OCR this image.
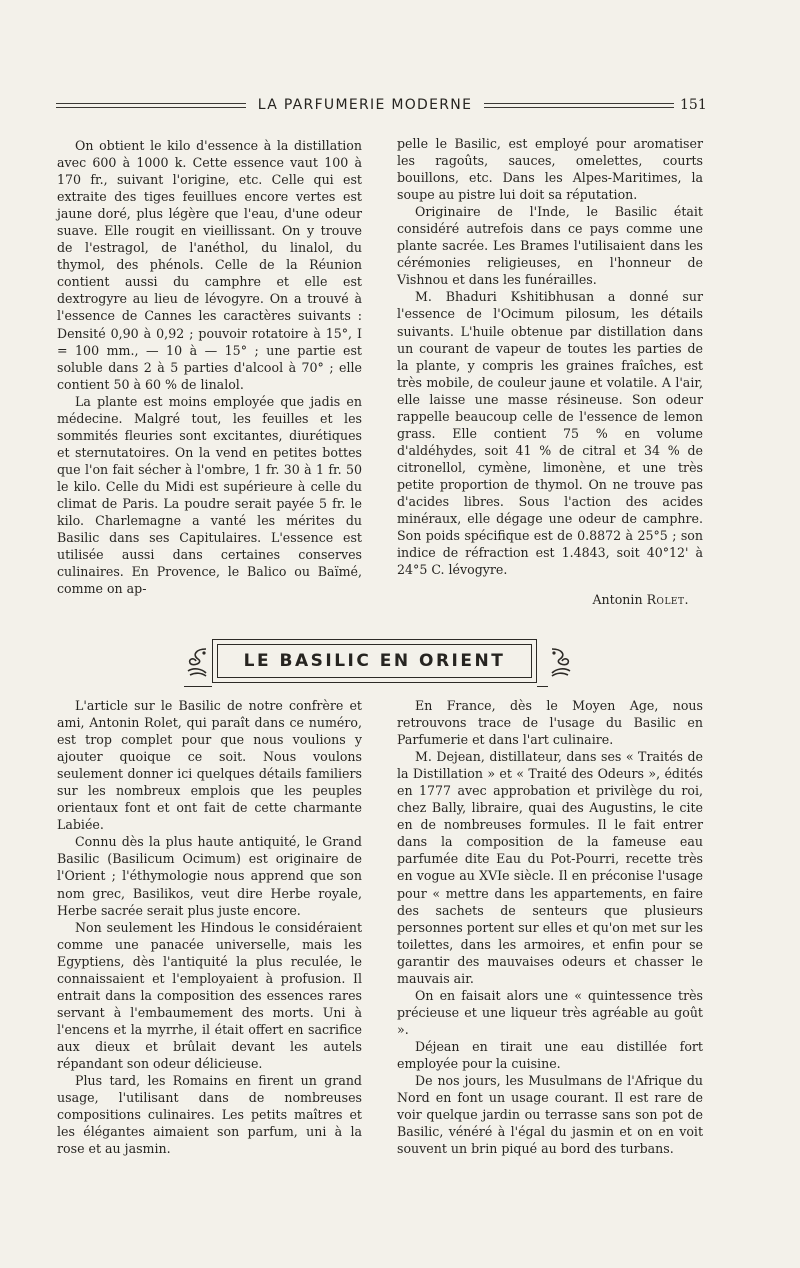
LA PARFUMERIE MODERNE	151

On obtient le kilo d'essence à la distillation avec 600 à 1000 k. Cette essence vaut 100 à 170 fr., suivant l'origine, etc. Celle qui est extraite des tiges feuillues encore vertes est jaune doré, plus légère que l'eau, d'une odeur suave. Elle rougit en vieillissant. On y trouve de l'estragol, de l'anéthol, du linalol, du thymol, des phénols. Celle de la Réunion contient aussi du camphre et elle est dextrogyre au lieu de lévogyre. On a trouvé à l'essence de Cannes les caractères suivants : Densité 0,90 à 0,92 ; pouvoir rotatoire à 15°, I = 100 mm., — 10 à — 15° ; une partie est soluble dans 2 à 5 parties d'alcool à 70° ; elle contient 50 à 60 % de linalol.

La plante est moins employée que jadis en médecine. Malgré tout, les feuilles et les sommités fleuries sont excitantes, diurétiques et sternutatoires. On la vend en petites bottes que l'on fait sécher à l'ombre, 1 fr. 30 à 1 fr. 50 le kilo. Celle du Midi est supérieure à celle du climat de Paris. La poudre serait payée 5 fr. le kilo. Charlemagne a vanté les mérites du Basilic dans ses Capitulaires. L'essence est utilisée aussi dans certaines conserves culinaires. En Provence, le Balico ou Baïmé, comme on ap-

pelle le Basilic, est employé pour aromatiser les ragoûts, sauces, omelettes, courts bouillons, etc. Dans les Alpes-Maritimes, la soupe au pistre lui doit sa réputation.

Originaire de l'Inde, le Basilic était considéré autrefois dans ce pays comme une plante sacrée. Les Brames l'utilisaient dans les cérémonies religieuses, en l'honneur de Vishnou et dans les funérailles.

M. Bhaduri Kshitibhusan a donné sur l'essence de l'Ocimum pilosum, les détails suivants. L'huile obtenue par distillation dans un courant de vapeur de toutes les parties de la plante, y compris les graines fraîches, est très mobile, de couleur jaune et volatile. A l'air, elle laisse une masse résineuse. Son odeur rappelle beaucoup celle de l'essence de lemon grass. Elle contient 75 % en volume d'aldéhydes, soit 41 % de citral et 34 % de citronellol, cymène, limonène, et une très petite proportion de thymol. On ne trouve pas d'acides libres. Sous l'action des acides minéraux, elle dégage une odeur de camphre. Son poids spécifique est de 0.8872 à 25°5 ; son indice de réfraction est 1.4843, soit 40°12' à 24°5 C. lévogyre.

Antonin Rolet.

LE BASILIC EN ORIENT

L'article sur le Basilic de notre confrère et ami, Antonin Rolet, qui paraît dans ce numéro, est trop complet pour que nous voulions y ajouter quoique ce soit. Nous voulons seulement donner ici quelques détails familiers sur les nombreux emplois que les peuples orientaux font et ont fait de cette charmante Labiée.

Connu dès la plus haute antiquité, le Grand Basilic (Basilicum Ocimum) est originaire de l'Orient ; l'éthymologie nous apprend que son nom grec, Basilikos, veut dire Herbe royale, Herbe sacrée serait plus juste encore.

Non seulement les Hindous le considéraient comme une panacée universelle, mais les Egyptiens, dès l'antiquité la plus reculée, le connaissaient et l'employaient à profusion. Il entrait dans la composition des essences rares servant à l'embaumement des morts. Uni à l'encens et la myrrhe, il était offert en sacrifice aux dieux et brûlait devant les autels répandant son odeur délicieuse.

Plus tard, les Romains en firent un grand usage, l'utilisant dans de nombreuses compositions culinaires. Les petits maîtres et les élégantes aimaient son parfum, uni à la rose et au jasmin.

En France, dès le Moyen Age, nous retrouvons trace de l'usage du Basilic en Parfumerie et dans l'art culinaire.

M. Dejean, distillateur, dans ses « Traités de la Distillation » et « Traité des Odeurs », édités en 1777 avec approbation et privilège du roi, chez Bally, libraire, quai des Augustins, le cite en de nombreuses formules. Il le fait entrer dans la composition de la fameuse eau parfumée dite Eau du Pot-Pourri, recette très en vogue au XVIe siècle. Il en préconise l'usage pour « mettre dans les appartements, en faire des sachets de senteurs que plusieurs personnes portent sur elles et qu'on met sur les toilettes, dans les armoires, et enfin pour se garantir des mauvaises odeurs et chasser le mauvais air.

On en faisait alors une « quintessence très précieuse et une liqueur très agréable au goût ».

Déjean en tirait une eau distillée fort employée pour la cuisine.

De nos jours, les Musulmans de l'Afrique du Nord en font un usage courant. Il est rare de voir quelque jardin ou terrasse sans son pot de Basilic, vénéré à l'égal du jasmin et on en voit souvent un brin piqué au bord des turbans.
